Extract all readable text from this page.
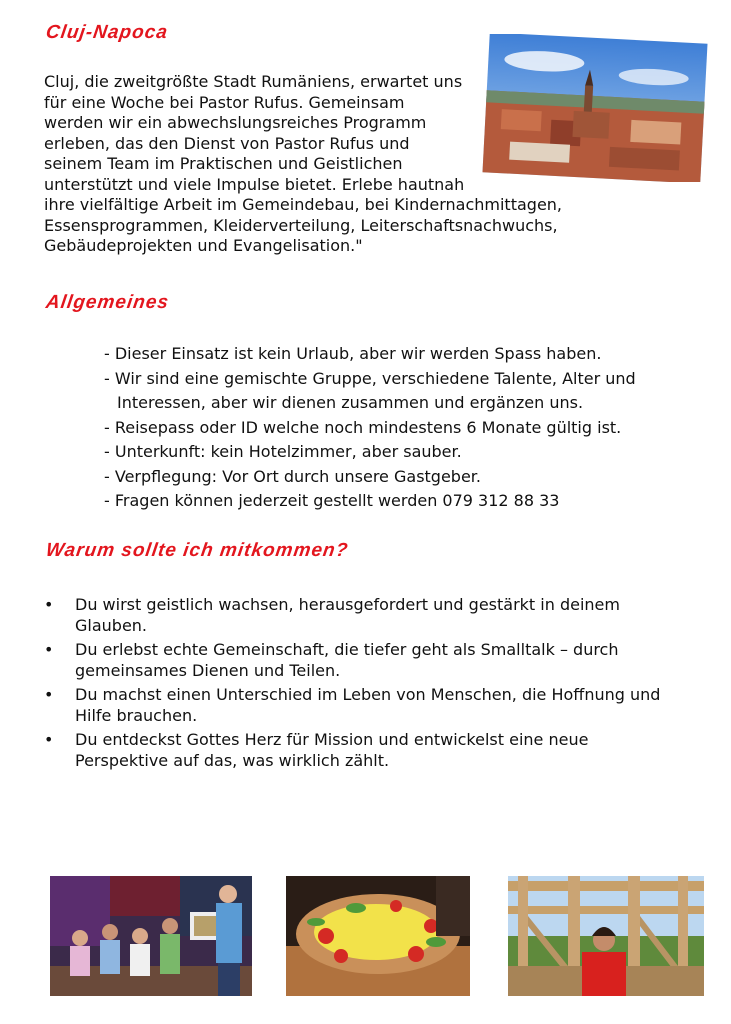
Cluj-Napoca
Cluj, die zweitgrößte Stadt Rumäniens, erwartet uns für eine Woche bei Pastor Rufus. Gemeinsam werden wir ein abwechslungsreiches Programm erleben, das den Dienst von Pastor Rufus und seinem Team im Praktischen und Geistlichen unterstützt und viele Impulse bietet. Erlebe hautnah ihre vielfältige Arbeit im Gemeindebau, bei Kindernachmittagen, Essensprogrammen, Kleiderverteilung, Leiterschaftsnachwuchs, Gebäudeprojekten und Evangelisation."
Allgemeines
- Dieser Einsatz ist kein Urlaub, aber wir werden Spass haben.
- Wir sind eine gemischte Gruppe, verschiedene Talente, Alter und Interessen, aber wir dienen zusammen und ergänzen uns.
- Reisepass oder ID welche noch mindestens 6 Monate gültig ist.
- Unterkunft: kein Hotelzimmer, aber sauber.
- Verpflegung: Vor Ort durch unsere Gastgeber.
- Fragen können jederzeit gestellt werden 079 312 88 33
Warum sollte ich mitkommen?
• Du wirst geistlich wachsen, herausgefordert und gestärkt in deinem Glauben.
• Du erlebst echte Gemeinschaft, die tiefer geht als Smalltalk – durch gemeinsames Dienen und Teilen.
• Du machst einen Unterschied im Leben von Menschen, die Hoffnung und Hilfe brauchen.
• Du entdeckst Gottes Herz für Mission und entwickelst eine neue Perspektive auf das, was wirklich zählt.
